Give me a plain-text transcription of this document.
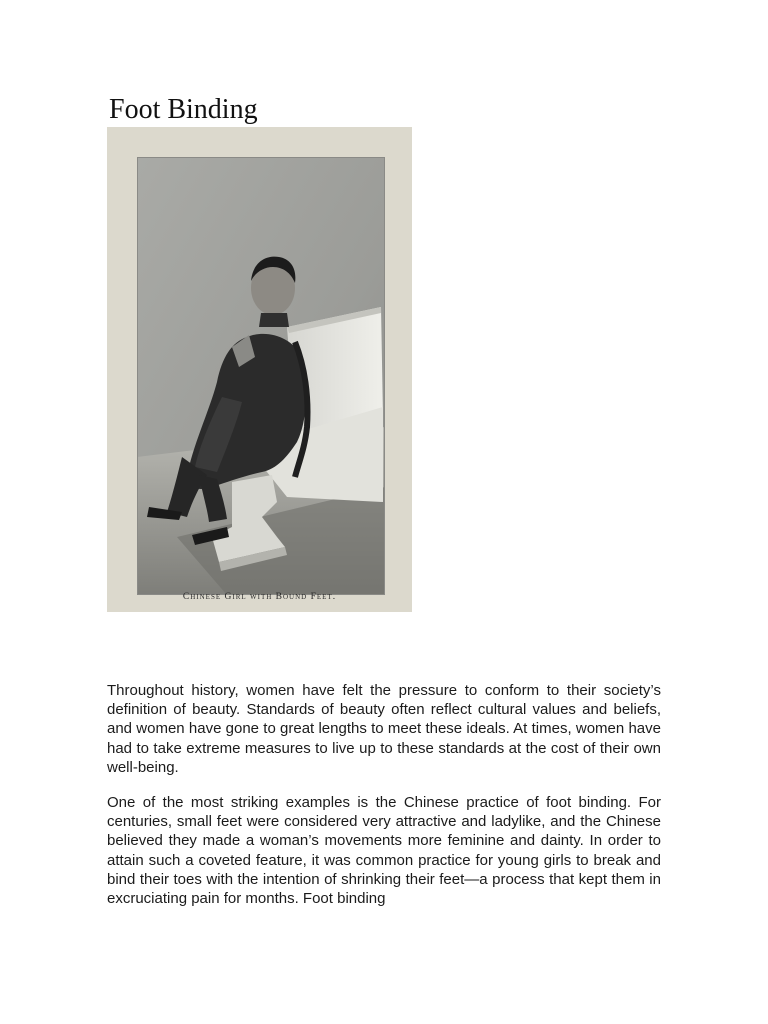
Foot Binding
Chinese Girl with Bound Feet.

Throughout history, women have felt the pressure to conform to their society’s definition of beauty. Standards of beauty often reflect cultural values and beliefs, and women have gone to great lengths to meet these ideals. At times, women have had to take extreme measures to live up to these standards at the cost of their own well-being.

One of the most striking examples is the Chinese practice of foot binding. For centuries, small feet were considered very attractive and ladylike, and the Chinese believed they made a woman’s movements more feminine and dainty. In order to attain such a coveted feature, it was common practice for young girls to break and bind their toes with the intention of shrinking their feet—a process that kept them in excruciating pain for months. Foot binding
